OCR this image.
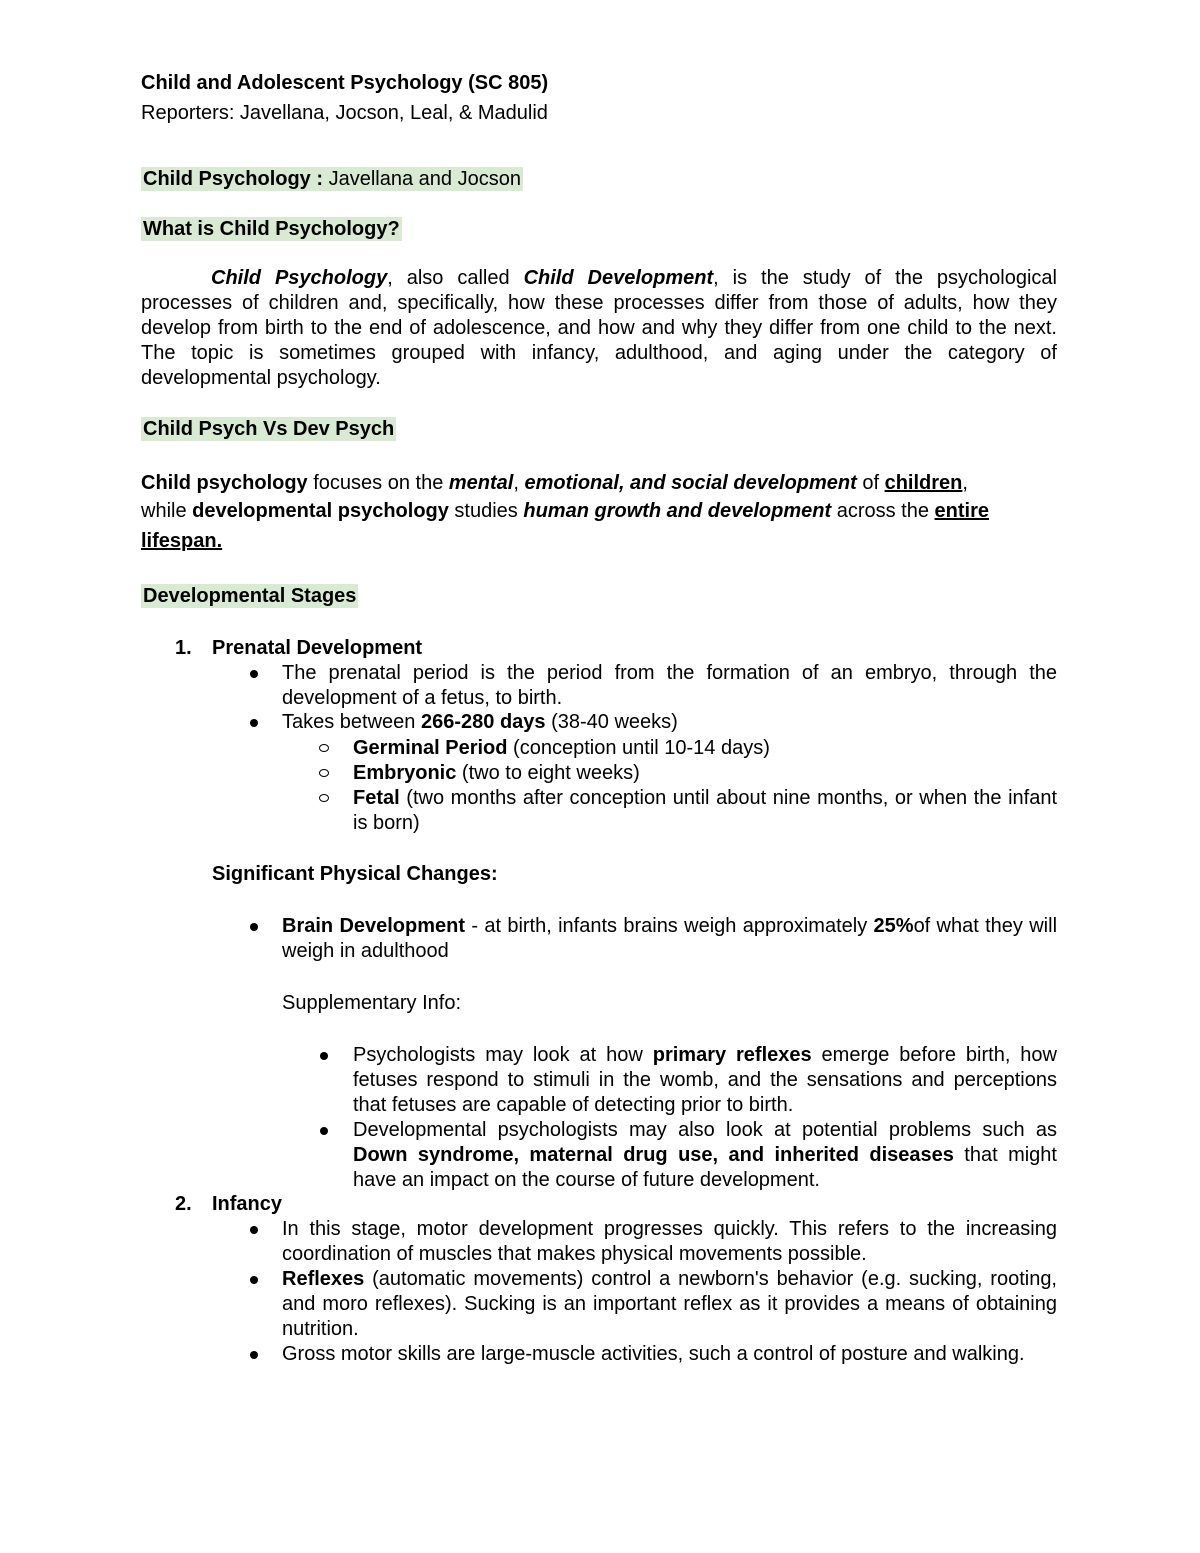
Child and Adolescent Psychology (SC 805)
Reporters: Javellana, Jocson, Leal, & Madulid
Child Psychology : Javellana and Jocson
What is Child Psychology?
Child Psychology, also called Child Development, is the study of the psychological processes of children and, specifically, how these processes differ from those of adults, how they develop from birth to the end of adolescence, and how and why they differ from one child to the next. The topic is sometimes grouped with infancy, adulthood, and aging under the category of developmental psychology.
Child Psych Vs Dev Psych
Child psychology focuses on the mental, emotional, and social development of children,
while developmental psychology studies human growth and development across the entire
lifespan.
Developmental Stages
1. Prenatal Development
The prenatal period is the period from the formation of an embryo, through the development of a fetus, to birth.
Takes between 266-280 days (38-40 weeks)
Germinal Period (conception until 10-14 days)
Embryonic (two to eight weeks)
Fetal (two months after conception until about nine months, or when the infant is born)
Significant Physical Changes:
Brain Development - at birth, infants brains weigh approximately 25%of what they will weigh in adulthood
Supplementary Info:
Psychologists may look at how primary reflexes emerge before birth, how fetuses respond to stimuli in the womb, and the sensations and perceptions that fetuses are capable of detecting prior to birth.
Developmental psychologists may also look at potential problems such as Down syndrome, maternal drug use, and inherited diseases that might have an impact on the course of future development.
2. Infancy
In this stage, motor development progresses quickly. This refers to the increasing coordination of muscles that makes physical movements possible.
Reflexes (automatic movements) control a newborn's behavior (e.g. sucking, rooting, and moro reflexes). Sucking is an important reflex as it provides a means of obtaining nutrition.
Gross motor skills are large-muscle activities, such a control of posture and walking.
